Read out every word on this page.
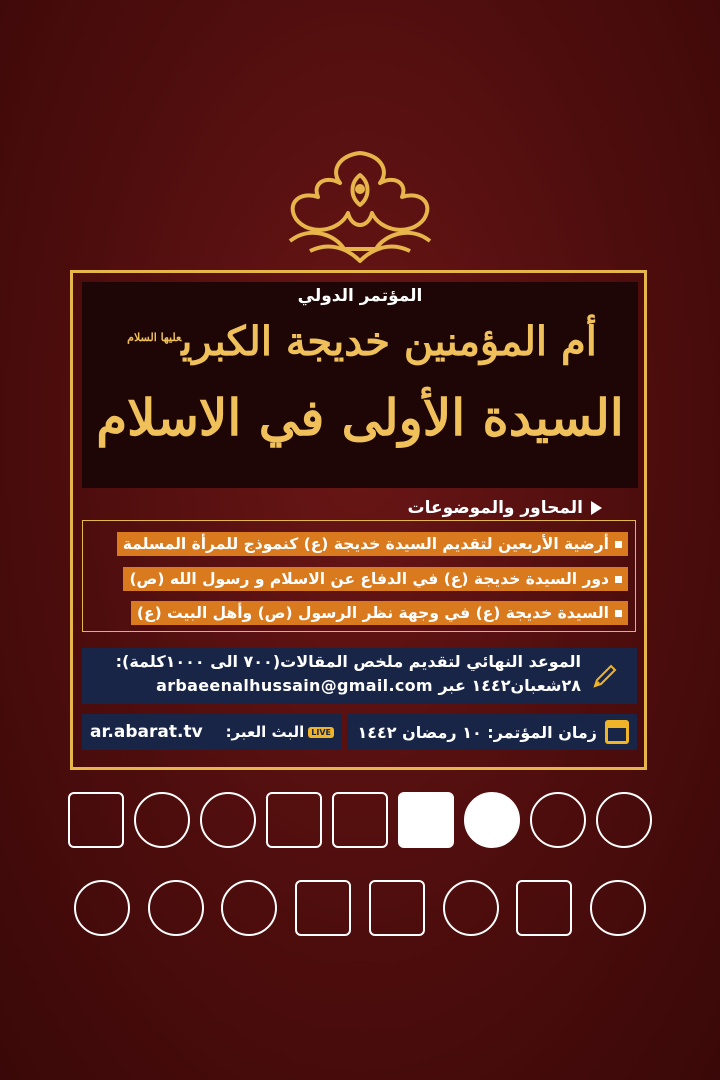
المؤتمر الدولي
أم المؤمنين خديجة الكبري$^{عليها السلام}$
السيدة الأولى في الاسلام
المحاور والموضوعات
أرضية الأربعين لتقديم السيدة خديجة (ع) كنموذج للمرأة المسلمة
دور السيدة خديجة (ع) في الدفاع عن الاسلام و رسول الله (ص)
السيدة خديجة (ع) في وجهة نظر الرسول (ص) وأهل البيت (ع)
الموعد النهائي لتقديم ملخص المقالات(٧٠٠ الى ١٠٠٠كلمة):
٢٨شعبان١٤٤٢ عبر arbaeenalhussain@gmail.com
زمان المؤتمر: ١٠ رمضان ١٤٤٢
ar.abarat.tv البث العبر: LIVE
